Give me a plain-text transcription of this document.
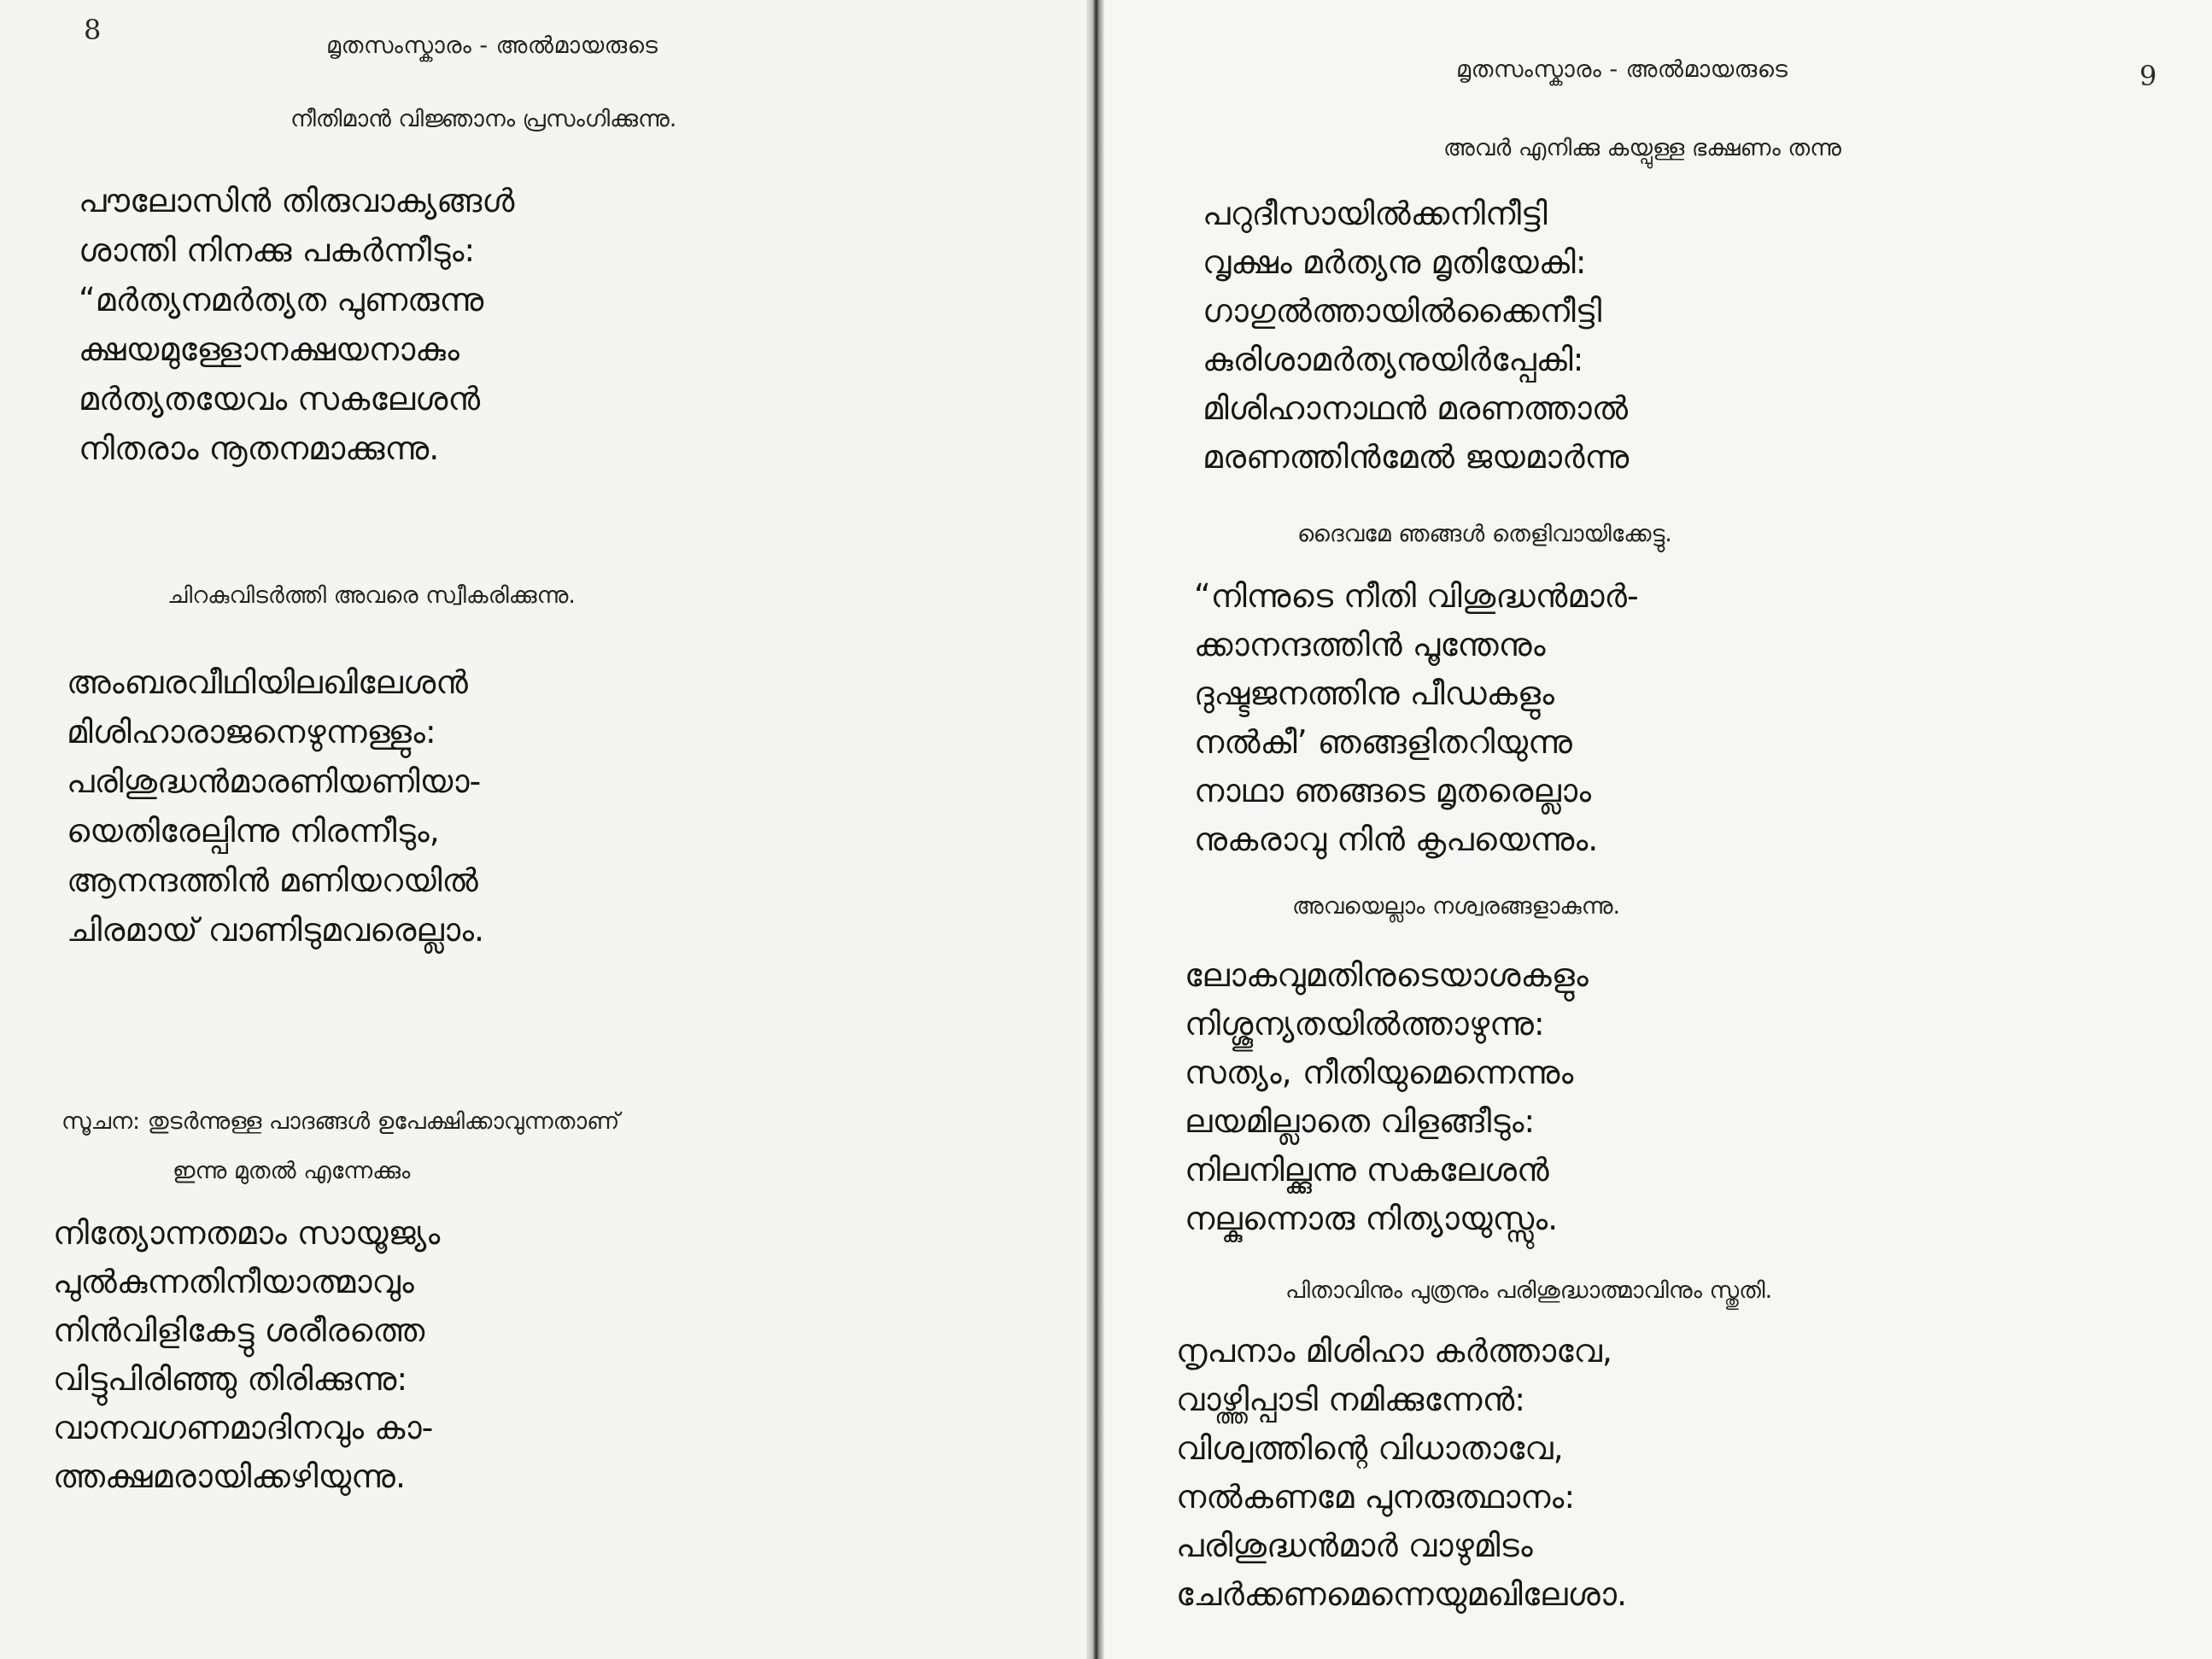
8	മൃതസംസ്കാരം - അൽമായരുടെ
നീതിമാൻ വിജ്ഞാനം പ്രസംഗിക്കുന്നു.
പൗലോസിൻ തിരുവാക്യങ്ങൾ
ശാന്തി നിനക്കു പകർന്നീടും:
“മർത്യനമർത്യത പുണരുന്നു
ക്ഷയമുള്ളോനക്ഷയനാകും
മർത്യതയേവം സകലേശൻ
നിതരാം നൂതനമാക്കുന്നു.
ചിറകുവിടർത്തി അവരെ സ്വീകരിക്കുന്നു.
അംബരവീഥിയിലഖിലേശൻ
മിശിഹാരാജനെഴുന്നള്ളും:
പരിശുദ്ധൻമാരണിയണിയാ-
യെതിരേല്പിന്നു നിരന്നീടും,
ആനന്ദത്തിൻ മണിയറയിൽ
ചിരമായ് വാണിടുമവരെല്ലാം.
സൂചന: തുടർന്നുള്ള പാദങ്ങൾ ഉപേക്ഷിക്കാവുന്നതാണ്
ഇന്നു മുതൽ എന്നേക്കും
നിത്യോന്നതമാം സായൂജ്യം
പുൽകുന്നതിനീയാത്മാവും
നിൻവിളികേട്ടു ശരീരത്തെ
വിട്ടുപിരിഞ്ഞു തിരിക്കുന്നു:
വാനവഗണമാദിനവും കാ-
ത്തക്ഷമരായിക്കഴിയുന്നു.
മൃതസംസ്കാരം - അൽമായരുടെ	9
അവർ എനിക്കു കയ്പുള്ള ഭക്ഷണം തന്നു
പറുദീസായിൽക്കനിനീട്ടി
വൃക്ഷം മർത്യനു മൃതിയേകി:
ഗാഗുൽത്തായിൽക്കൈനീട്ടി
കുരിശാമർത്യനുയിർപ്പേകി:
മിശിഹാനാഥൻ മരണത്താൽ
മരണത്തിൻമേൽ ജയമാർന്നു
ദൈവമേ ഞങ്ങൾ തെളിവായിക്കേട്ടു.
“നിന്നുടെ നീതി വിശുദ്ധൻമാർ-
ക്കാനന്ദത്തിൻ പൂന്തേനും
ദുഷ്ടജനത്തിനു പീഡകളും
നൽകീ’ ഞങ്ങളിതറിയുന്നു
നാഥാ ഞങ്ങടെ മൃതരെല്ലാം
നുകരാവു നിൻ കൃപയെന്നും.
അവയെല്ലാം നശ്വരങ്ങളാകുന്നു.
ലോകവുമതിനുടെയാശകളും
നിശ്ശൂന്യതയിൽത്താഴുന്നു:
സത്യം, നീതിയുമെന്നെന്നും
ലയമില്ലാതെ വിളങ്ങീടും:
നിലനില്ക്കുന്നു സകലേശൻ
നല്കുന്നൊരു നിത്യായുസ്സും.
പിതാവിനും പുത്രനും പരിശുദ്ധാത്മാവിനും സ്തുതി.
നൃപനാം മിശിഹാ കർത്താവേ,
വാഴ്ത്തിപ്പാടി നമിക്കുന്നേൻ:
വിശ്വത്തിന്റെ വിധാതാവേ,
നൽകണമേ പുനരുത്ഥാനം:
പരിശുദ്ധൻമാർ വാഴുമിടം
ചേർക്കണമെന്നെയുമഖിലേശാ.
